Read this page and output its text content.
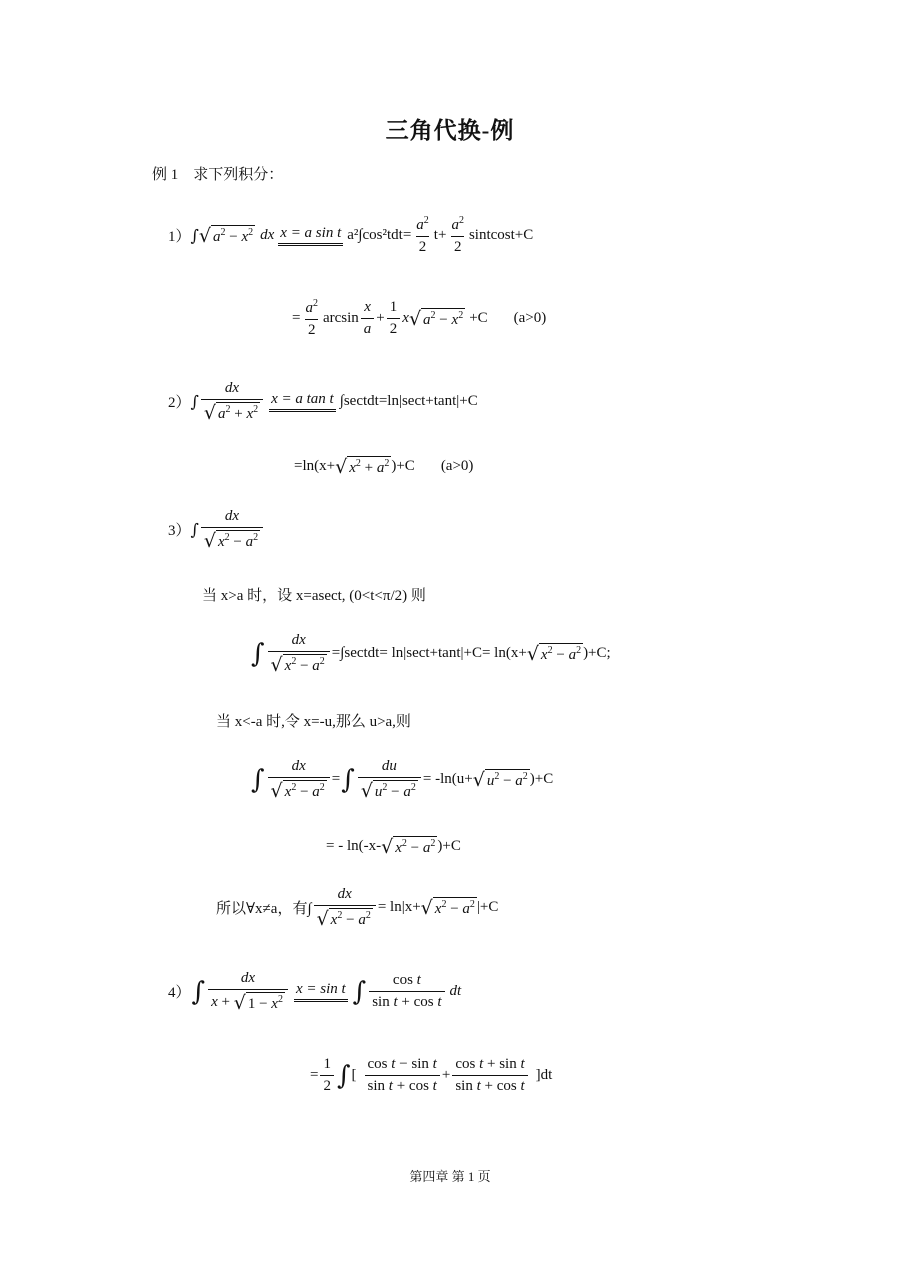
三角代换-例
例 1　求下列积分：
1） ∫ √ $a^2 - x^2$ dx x = a sin t $a^2\int\cos^2tdt= \frac{a^2}{2} t+ \frac{a^2}{2}$ sintcost+C
= $\frac{a^2}{2}$ $\arcsin \frac{x}{a} + \frac{1}{2}$ x √ $a^2 - x^2 +C$ (a>0)
2） ∫ $\frac{dx}{√ a^2 + x^2}$ x = a tan t ∫sectdt=ln|sect+tant|+C
=ln(x+ √ $x^2 + a^2$ )+C (a>0)
3） ∫ $\frac{dx}{√ x^2 - a^2}$
当 x>a 时，设 x=asect, (0<t<π/2) 则
∫ $\frac{dx}{√ x^2 - a^2}$ =∫sectdt= ln|sect+tant|+C= ln(x+ √ $x^2 - a^2$ )+C;
当 x<-a 时,令 x=-u,那么 u>a,则
∫ $\frac{dx}{√ x^2 - a^2}$ = ∫ $\frac{du}{√ u^2 - a^2} = -\ln(u+$ √ $u^2 - a^2$ )+C
= - ln(-x- √ $x^2 - a^2$ )+C
所以∀x≠a，有∫ $\frac{dx}{√ x^2 - a^2} = \ln|x+$ √ $x^2 - a^2$ |+C
4） ∫ $\frac{dx}{x + √ 1 - x^2}$ x = sin t ∫ $\frac{\text{cos t}}{\text{sin t + cos t}}$ dt
= $\frac{1}{2}$ ∫ [ $\frac{\text{cos t − sin t}}{\text{sin t + cos t}} + \frac{\text{cos t + sin t}}{\text{sin t + cos t}} ]dt$
第四章 第 1 页
